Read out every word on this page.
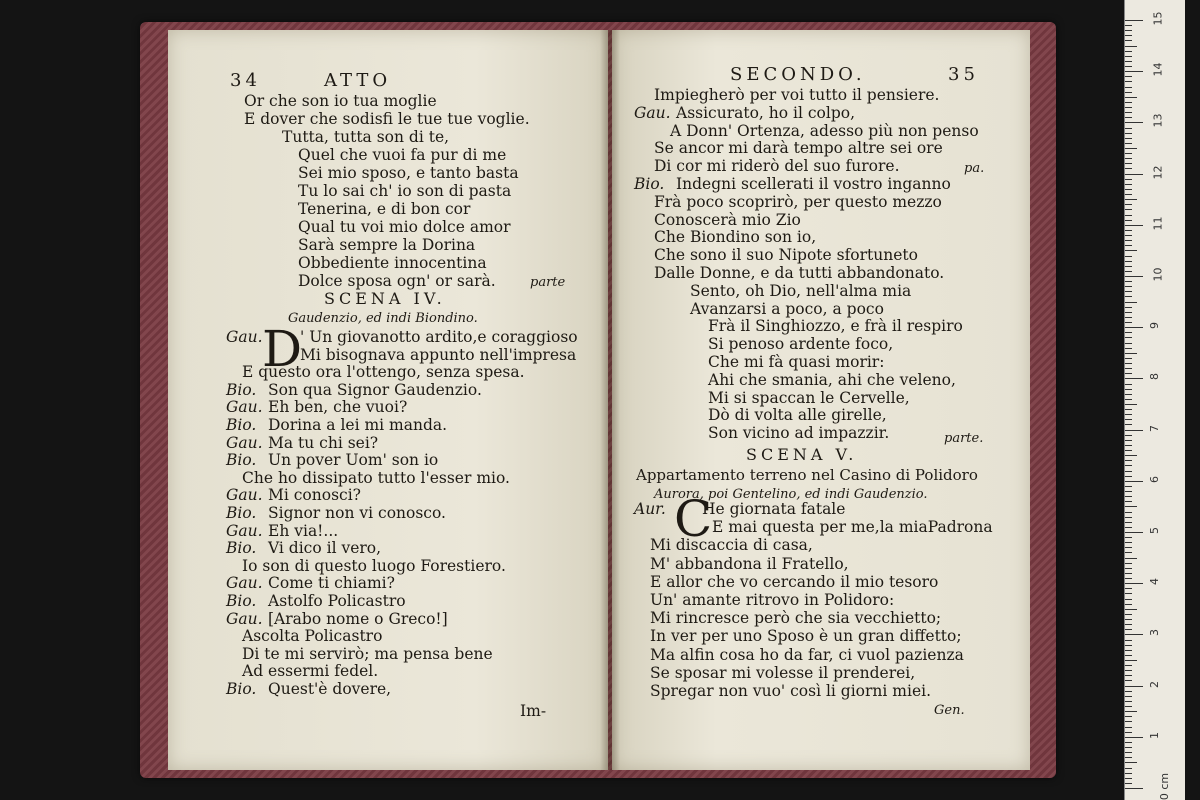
34	ATTO
Or che son io tua moglie
E dover che sodisfi le tue tue voglie.
Tutta, tutta son di te,
Quel che vuoi fa pur di me
Sei mio sposo, e tanto basta
Tu lo sai ch' io son di pasta
Tenerina, e di bon cor
Qual tu voi mio dolce amor
Sarà sempre la Dorina
Obbediente innocentina
Dolce sposa ogn' or sarà.	parte
SCENA IV.
Gaudenzio, ed indi Biondino.
D
Gau. ' Un giovanotto ardito,e coraggioso
Mi bisognava appunto nell'impresa
E questo ora l'ottengo, senza spesa.
Bio. Son qua Signor Gaudenzio.
Gau. Eh ben, che vuoi?
Bio. Dorina a lei mi manda.
Gau. Ma tu chi sei?
Bio. Un pover Uom' son io
Che ho dissipato tutto l'esser mio.
Gau. Mi conosci?
Bio. Signor non vi conosco.
Gau. Eh via!...
Bio. Vi dico il vero,
Io son di questo luogo Forestiero.
Gau. Come ti chiami?
Bio. Astolfo Policastro
Gau. [Arabo nome o Greco!]
Ascolta Policastro
Di te mi servirò; ma pensa bene
Ad essermi fedel.
Bio. Quest'è dovere,
Im-
SECONDO.	35
Impiegherò per voi tutto il pensiere.
Gau. Assicurato, ho il colpo,
A Donn' Ortenza, adesso più non penso
Se ancor mi darà tempo altre sei ore
Di cor mi riderò del suo furore.
Bio. Indegni scellerati il vostro inganno
Frà poco scoprirò, per questo mezzo
Conoscerà mio Zio
Che Biondino son io,
Che sono il suo Nipote sfortuneto
Dalle Donne, e da tutti abbandonato.
Sento, oh Dio, nell'alma mia
Avanzarsi a poco, a poco
Frà il Singhiozzo, e frà il respiro
Si penoso ardente foco,
Che mi fà quasi morir:
Ahi che smania, ahi che veleno,
Mi si spaccan le Cervelle,
Dò di volta alle girelle,
Son vicino ad impazzir.
pa.
parte.
SCENA V.
Appartamento terreno nel Casino di Polidoro
Aurora, poi Gentelino, ed indi Gaudenzio.
C
Aur. He giornata fatale
E mai questa per me,la miaPadrona
Mi discaccia di casa,
M' abbandona il Fratello,
E allor che vo cercando il mio tesoro
Un' amante ritrovo in Polidoro:
Mi rincresce però che sia vecchietto;
In ver per uno Sposo è un gran diffetto;
Ma alfin cosa ho da far, ci vuol pazienza
Se sposar mi volesse il prenderei,
Spregar non vuo' così li giorni miei.
Gen.
0 cm
1
2
3
4
5
6
7
8
9
10
11
12
13
14
15
